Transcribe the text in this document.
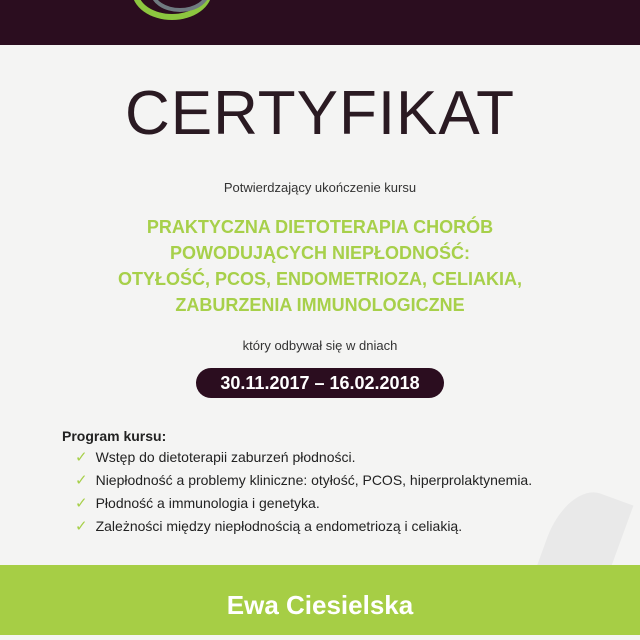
CERTYFIKAT
Potwierdzający ukończenie kursu
PRAKTYCZNA DIETOTERAPIA CHORÓB
POWODUJĄCYCH NIEPŁODNOŚĆ:
OTYŁOŚĆ, PCOS, ENDOMETRIOZA, CELIAKIA,
ZABURZENIA IMMUNOLOGICZNE
który odbywał się w dniach
30.11.2017 – 16.02.2018
Program kursu:
✓ Wstęp do dietoterapii zaburzeń płodności.
✓ Niepłodność a problemy kliniczne: otyłość, PCOS, hiperprolaktynemia.
✓ Płodność a immunologia i genetyka.
✓ Zależności między niepłodnością a endometriozą i celiakią.
Ewa Ciesielska
